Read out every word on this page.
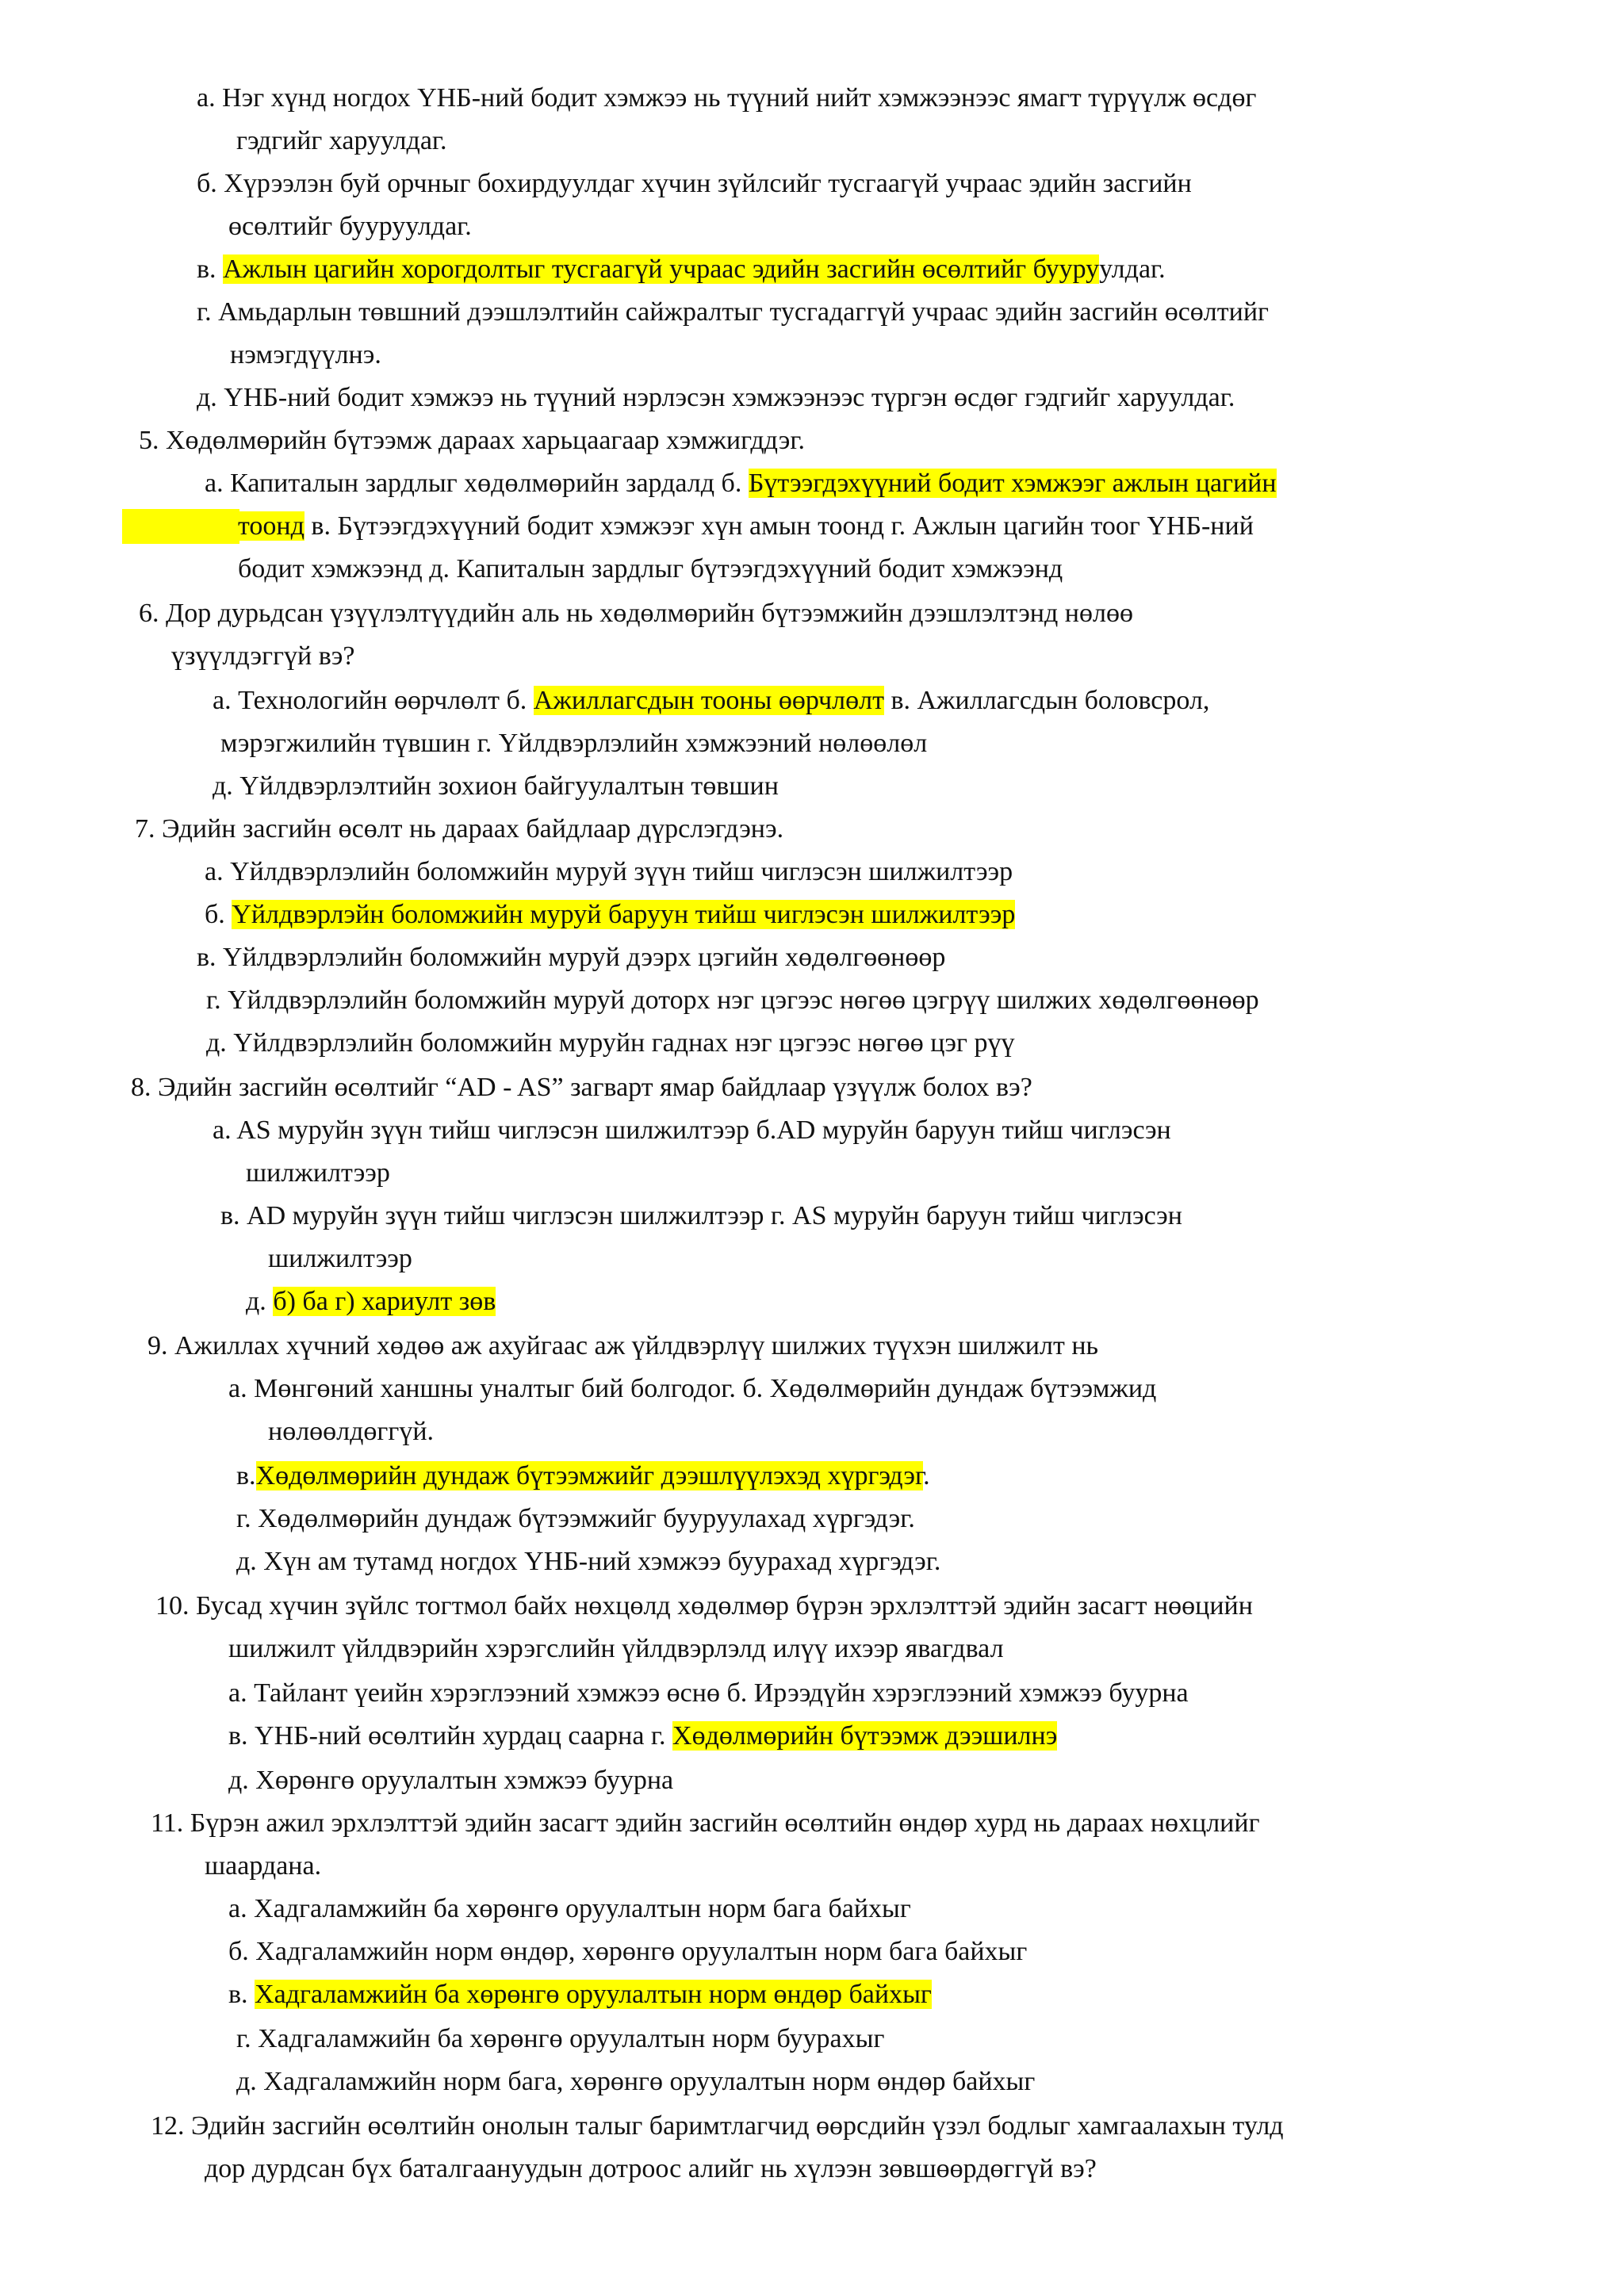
a. Нэг хүнд ногдох ҮНБ-ний бодит хэмжээ нь түүний нийт хэмжээнээс ямагт түрүүлж өсдөг
гэдгийг харуулдаг.
б. Хүрээлэн буй орчныг бохирдуулдаг хүчин зүйлсийг тусгаагүй учраас эдийн засгийн
өсөлтийг бууруулдаг.
в. Ажлын цагийн хорогдолтыг тусгаагүй учраас эдийн засгийн өсөлтийг бууруулдаг.
г. Амьдарлын төвшний дээшлэлтийн сайжралтыг тусгадаггүй учраас эдийн засгийн өсөлтийг
нэмэгдүүлнэ.
д. ҮНБ-ний бодит хэмжээ нь түүний нэрлэсэн хэмжээнээс түргэн өсдөг гэдгийг харуулдаг.
5. Хөдөлмөрийн бүтээмж дараах харьцаагаар хэмжигддэг.
a. Капиталын зардлыг хөдөлмөрийн зардалд б. Бүтээгдэхүүний бодит хэмжээг ажлын цагийн
тоонд в. Бүтээгдэхүүний бодит хэмжээг хүн амын тоонд г. Ажлын цагийн тоог ҮНБ-ний
бодит хэмжээнд д. Капиталын зардлыг бүтээгдэхүүний бодит хэмжээнд
6. Дор дурьдсан үзүүлэлтүүдийн аль нь хөдөлмөрийн бүтээмжийн дээшлэлтэнд нөлөө
үзүүлдэггүй вэ?
a. Технологийн өөрчлөлт б. Ажиллагсдын тооны өөрчлөлт в. Ажиллагсдын боловсрол,
мэрэгжилийн түвшин г. Үйлдвэрлэлийн хэмжээний нөлөөлөл
д. Үйлдвэрлэлтийн зохион байгуулалтын төвшин
7. Эдийн засгийн өсөлт нь дараах байдлаар дүрслэгдэнэ.
a. Үйлдвэрлэлийн боломжийн муруй зүүн тийш чиглэсэн шилжилтээр
б. Үйлдвэрлэйн боломжийн муруй баруун тийш чиглэсэн шилжилтээр
в. Үйлдвэрлэлийн боломжийн муруй дээрх цэгийн хөдөлгөөнөөр
г. Үйлдвэрлэлийн боломжийн муруй доторх нэг цэгээс нөгөө цэгрүү шилжих хөдөлгөөнөөр
д. Үйлдвэрлэлийн боломжийн муруйн гаднах нэг цэгээс нөгөө цэг рүү
8. Эдийн засгийн өсөлтийг “AD - AS” загварт ямар байдлаар үзүүлж болох вэ?
a. AS муруйн зүүн тийш чиглэсэн шилжилтээр б.AD муруйн баруун тийш чиглэсэн
шилжилтээр
в. AD муруйн зүүн тийш чиглэсэн шилжилтээр г. AS муруйн баруун тийш чиглэсэн
шилжилтээр
д. б) ба г) хариулт зөв
9. Ажиллах хүчний хөдөө аж ахуйгаас аж үйлдвэрлүү шилжих түүхэн шилжилт нь
a. Мөнгөний ханшны уналтыг бий болгодог. б. Хөдөлмөрийн дундаж бүтээмжид
нөлөөлдөггүй.
в.Хөдөлмөрийн дундаж бүтээмжийг дээшлүүлэхэд хүргэдэг.
г. Хөдөлмөрийн дундаж бүтээмжийг бууруулахад хүргэдэг.
д. Хүн ам тутамд ногдох ҮНБ-ний хэмжээ буурахад хүргэдэг.
10. Бусад хүчин зүйлс тогтмол байх нөхцөлд хөдөлмөр бүрэн эрхлэлттэй эдийн засагт нөөцийн
шилжилт үйлдвэрийн хэрэгслийн үйлдвэрлэлд илүү ихээр явагдвал
a. Тайлант үеийн хэрэглээний хэмжээ өснө б. Ирээдүйн хэрэглээний хэмжээ буурна
в. ҮНБ-ний өсөлтийн хурдац саарна г. Хөдөлмөрийн бүтээмж дээшилнэ
д. Хөрөнгө оруулалтын хэмжээ буурна
11. Бүрэн ажил эрхлэлттэй эдийн засагт эдийн засгийн өсөлтийн өндөр хурд нь дараах нөхцлийг
шаардана.
a. Хадгаламжийн ба хөрөнгө оруулалтын норм бага байхыг
б. Хадгаламжийн норм өндөр, хөрөнгө оруулалтын норм бага байхыг
в. Хадгаламжийн ба хөрөнгө оруулалтын норм өндөр байхыг
г. Хадгаламжийн ба хөрөнгө оруулалтын норм буурахыг
д. Хадгаламжийн норм бага, хөрөнгө оруулалтын норм өндөр байхыг
12. Эдийн засгийн өсөлтийн онолын талыг баримтлагчид өөрсдийн үзэл бодлыг хамгаалахын тулд
дор дурдсан бүх баталгаануудын дотроос алийг нь хүлээн зөвшөөрдөггүй вэ?
